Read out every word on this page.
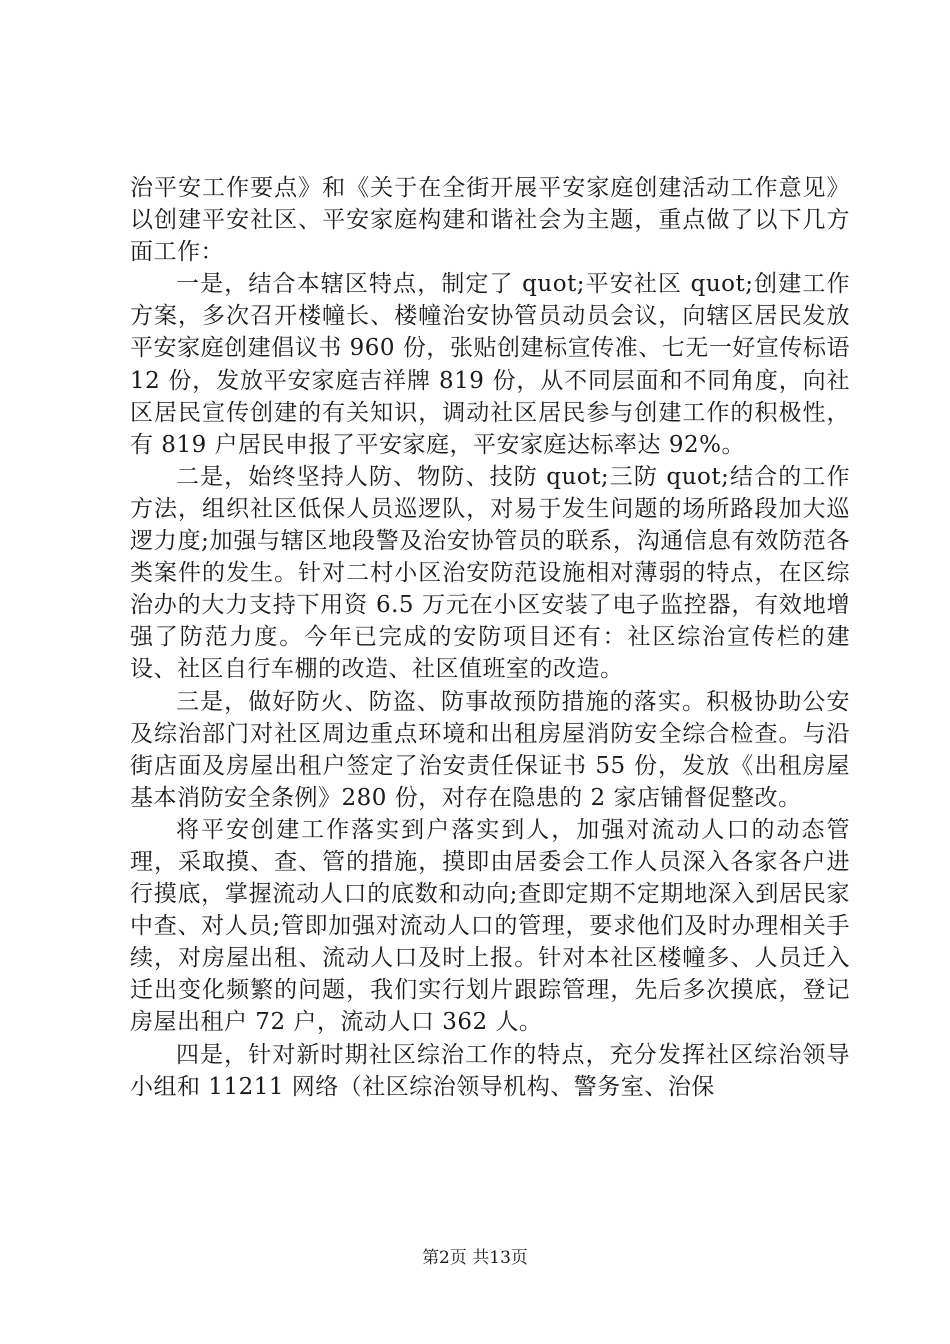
治平安工作要点》和《关于在全街开展平安家庭创建活动工作意见》以创建平安社区、平安家庭构建和谐社会为主题，重点做了以下几方面工作：

一是，结合本辖区特点，制定了 quot;平安社区 quot;创建工作方案，多次召开楼幢长、楼幢治安协管员动员会议，向辖区居民发放平安家庭创建倡议书 960 份，张贴创建标宣传准、七无一好宣传标语 12 份，发放平安家庭吉祥牌 819 份，从不同层面和不同角度，向社区居民宣传创建的有关知识，调动社区居民参与创建工作的积极性，有 819 户居民申报了平安家庭，平安家庭达标率达 92%。

二是，始终坚持人防、物防、技防 quot;三防 quot;结合的工作方法，组织社区低保人员巡逻队，对易于发生问题的场所路段加大巡逻力度;加强与辖区地段警及治安协管员的联系，沟通信息有效防范各类案件的发生。针对二村小区治安防范设施相对薄弱的特点，在区综治办的大力支持下用资 6.5 万元在小区安装了电子监控器，有效地增强了防范力度。今年已完成的安防项目还有：社区综治宣传栏的建设、社区自行车棚的改造、社区值班室的改造。

三是，做好防火、防盗、防事故预防措施的落实。积极协助公安及综治部门对社区周边重点环境和出租房屋消防安全综合检查。与沿街店面及房屋出租户签定了治安责任保证书 55 份，发放《出租房屋基本消防安全条例》280 份，对存在隐患的 2 家店铺督促整改。

将平安创建工作落实到户落实到人，加强对流动人口的动态管理，采取摸、查、管的措施，摸即由居委会工作人员深入各家各户进行摸底，掌握流动人口的底数和动向;查即定期不定期地深入到居民家中查、对人员;管即加强对流动人口的管理，要求他们及时办理相关手续，对房屋出租、流动人口及时上报。针对本社区楼幢多、人员迁入迁出变化频繁的问题，我们实行划片跟踪管理，先后多次摸底，登记房屋出租户 72 户，流动人口 362 人。

四是，针对新时期社区综治工作的特点，充分发挥社区综治领导小组和 11211 网络（社区综治领导机构、警务室、治保

第2页 共13页
